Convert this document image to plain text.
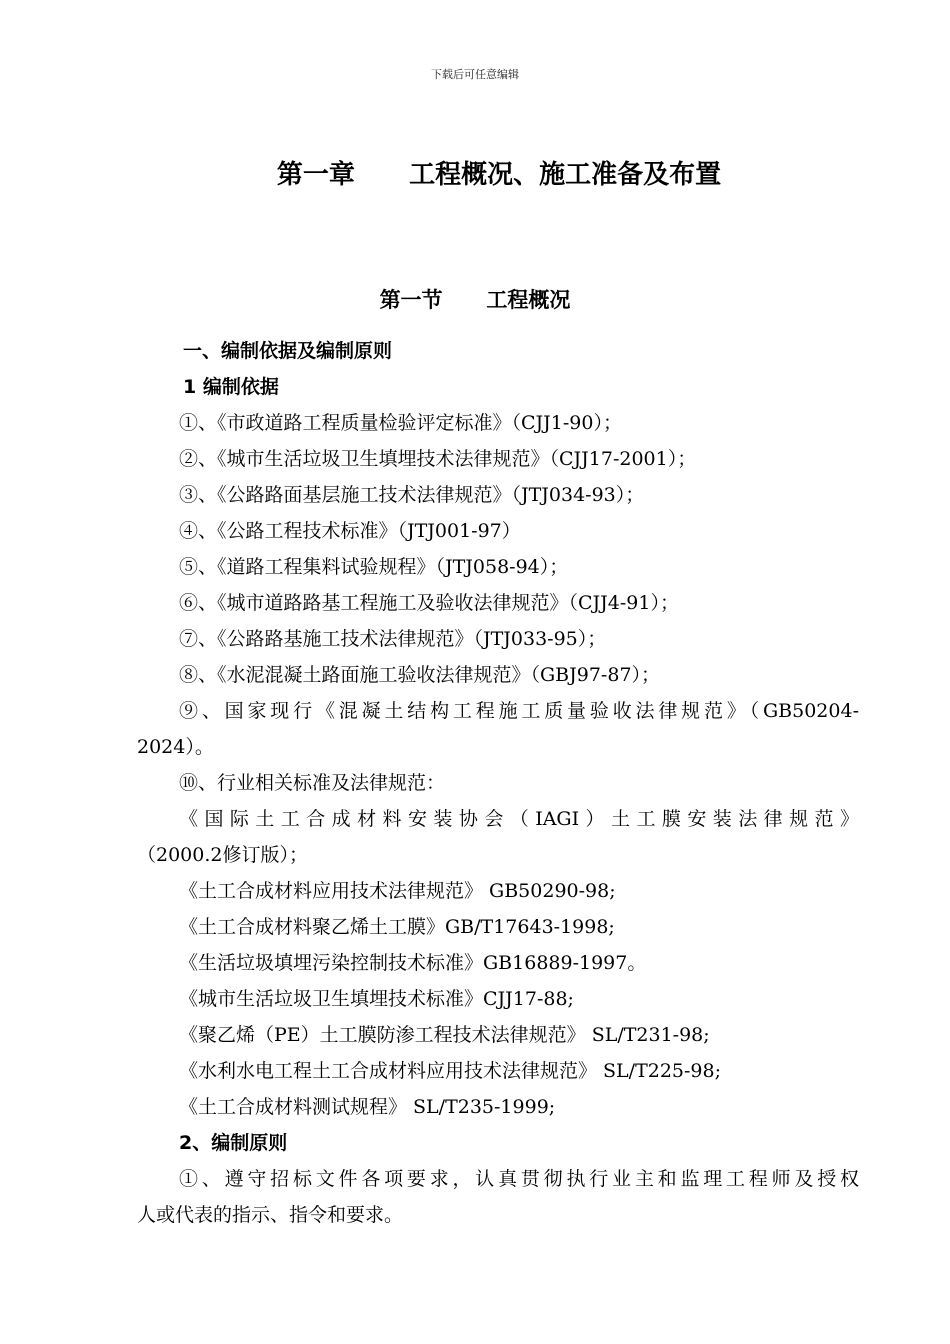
下载后可任意编辑
第一章      工程概况、施工准备及布置
第一节      工程概况
一、编制依据及编制原则
1 编制依据
①、《市政道路工程质量检验评定标准》（CJJ1-90）；
②、《城市生活垃圾卫生填埋技术法律规范》（CJJ17-2001）；
③、《公路路面基层施工技术法律规范》（JTJ034-93）；
④、《公路工程技术标准》（JTJ001-97）
⑤、《道路工程集料试验规程》（JTJ058-94）；
⑥、《城市道路路基工程施工及验收法律规范》（CJJ4-91）；
⑦、《公路路基施工技术法律规范》（JTJ033-95）；
⑧、《水泥混凝土路面施工验收法律规范》（GBJ97-87）；
⑨、国家现行《混凝土结构工程施工质量验收法律规范》（GB50204-
2024）。
⑩、行业相关标准及法律规范：
《国际土工合成材料安装协会（IAGI）土工膜安装法律规范》
（2000.2修订版）；
《土工合成材料应用技术法律规范》 GB50290-98;
《土工合成材料聚乙烯土工膜》GB/T17643-1998;
《生活垃圾填埋污染控制技术标准》GB16889-1997。
《城市生活垃圾卫生填埋技术标准》CJJ17-88;
《聚乙烯（PE）土工膜防渗工程技术法律规范》 SL/T231-98;
《水利水电工程土工合成材料应用技术法律规范》 SL/T225-98;
《土工合成材料测试规程》 SL/T235-1999;
2、编制原则
①、遵守招标文件各项要求，认真贯彻执行业主和监理工程师及授权
人或代表的指示、指令和要求。
